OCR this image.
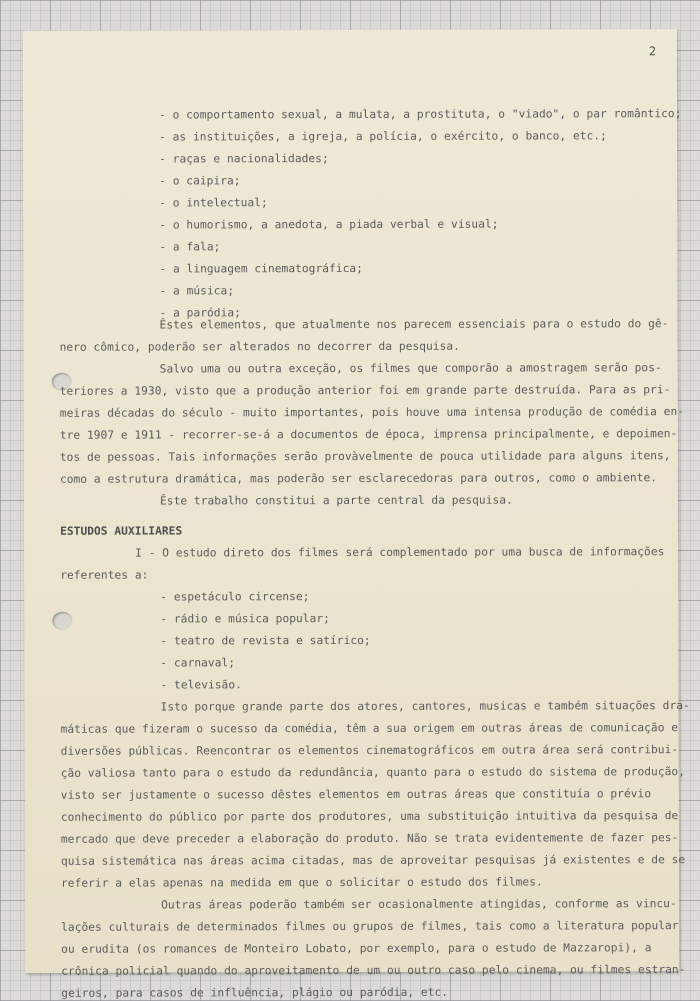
2
- o comportamento sexual, a mulata, a prostituta, o "viado", o par romântico;
- as instituições, a igreja, a polícia, o exército, o banco, etc.;
- raças e nacionalidades;
- o caipira;
- o intelectual;
- o humorismo, a anedota, a piada verbal e visual;
- a fala;
- a linguagem cinematográfica;
- a música;
- a paródia;
Êstes elementos, que atualmente nos parecem essenciais para o estudo do gê-
nero cômico, poderão ser alterados no decorrer da pesquisa.
Salvo uma ou outra exceção, os filmes que comporão a amostragem serão pos-
teriores a 1930, visto que a produção anterior foi em grande parte destruída. Para as pri-
meiras décadas do século - muito importantes, pois houve uma intensa produção de comédia en-
tre 1907 e 1911 - recorrer-se-á a documentos de época, imprensa principalmente, e depoimen-
tos de pessoas. Tais informações serão provàvelmente de pouca utilidade para alguns itens,
como a estrutura dramática, mas poderão ser esclarecedoras para outros, como o ambiente.
Êste trabalho constitui a parte central da pesquisa.
ESTUDOS AUXILIARES
I - O estudo direto dos filmes será complementado por uma busca de informações
referentes a:
- espetáculo circense;
- rádio e música popular;
- teatro de revista e satírico;
- carnaval;
- televisão.
Isto porque grande parte dos atores, cantores, musicas e também situações dra-
máticas que fizeram o sucesso da comédia, têm a sua origem em outras áreas de comunicação e
diversões públicas. Reencontrar os elementos cinematográficos em outra área será contribui-
ção valiosa tanto para o estudo da redundância, quanto para o estudo do sistema de produção,
visto ser justamente o sucesso dêstes elementos em outras áreas que constituía o prévio
conhecimento do público por parte dos produtores, uma substituição intuitiva da pesquisa de
mercado que deve preceder a elaboração do produto. Não se trata evidentemente de fazer pes-
quisa sistemática nas áreas acima citadas, mas de aproveitar pesquisas já existentes e de se
referir a elas apenas na medida em que o solicitar o estudo dos filmes.
Outras áreas poderão também ser ocasionalmente atingidas, conforme as vincu-
lações culturais de determinados filmes ou grupos de filmes, tais como a literatura popular
ou erudita (os romances de Monteiro Lobato, por exemplo, para o estudo de Mazzaropi), a
crônica policial quando do aproveitamento de um ou outro caso pelo cinema, ou filmes estran-
geiros, para casos de influência, plágio ou paródia, etc.
